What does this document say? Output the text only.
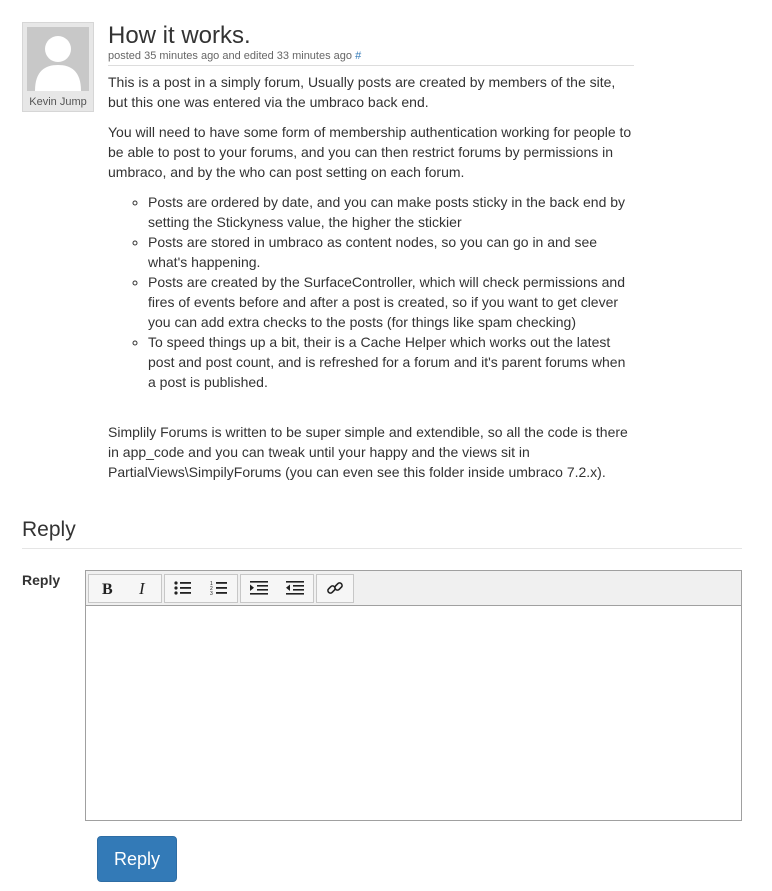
Kevin Jump
How it works.
posted 35 minutes ago and edited 33 minutes ago #

This is a post in a simply forum, Usually posts are created by members of the site, but this one was entered via the umbraco back end.

You will need to have some form of membership authentication working for people to be able to post to your forums, and you can then restrict forums by permissions in umbraco, and by the who can post setting on each forum.

◦ Posts are ordered by date, and you can make posts sticky in the back end by setting the Stickyness value, the higher the stickier
◦ Posts are stored in umbraco as content nodes, so you can go in and see what's happening.
◦ Posts are created by the SurfaceController, which will check permissions and fires of events before and after a post is created, so if you want to get clever you can add extra checks to the posts (for things like spam checking)
◦ To speed things up a bit, their is a Cache Helper which works out the latest post and post count, and is refreshed for a forum and it's parent forums when a post is published.

Simplily Forums is written to be super simple and extendible, so all the code is there in app_code and you can tweak until your happy and the views sit in PartialViews\SimpilyForums (you can even see this folder inside umbraco 7.2.x).

Reply
Reply
B I	1
2
3
Reply
